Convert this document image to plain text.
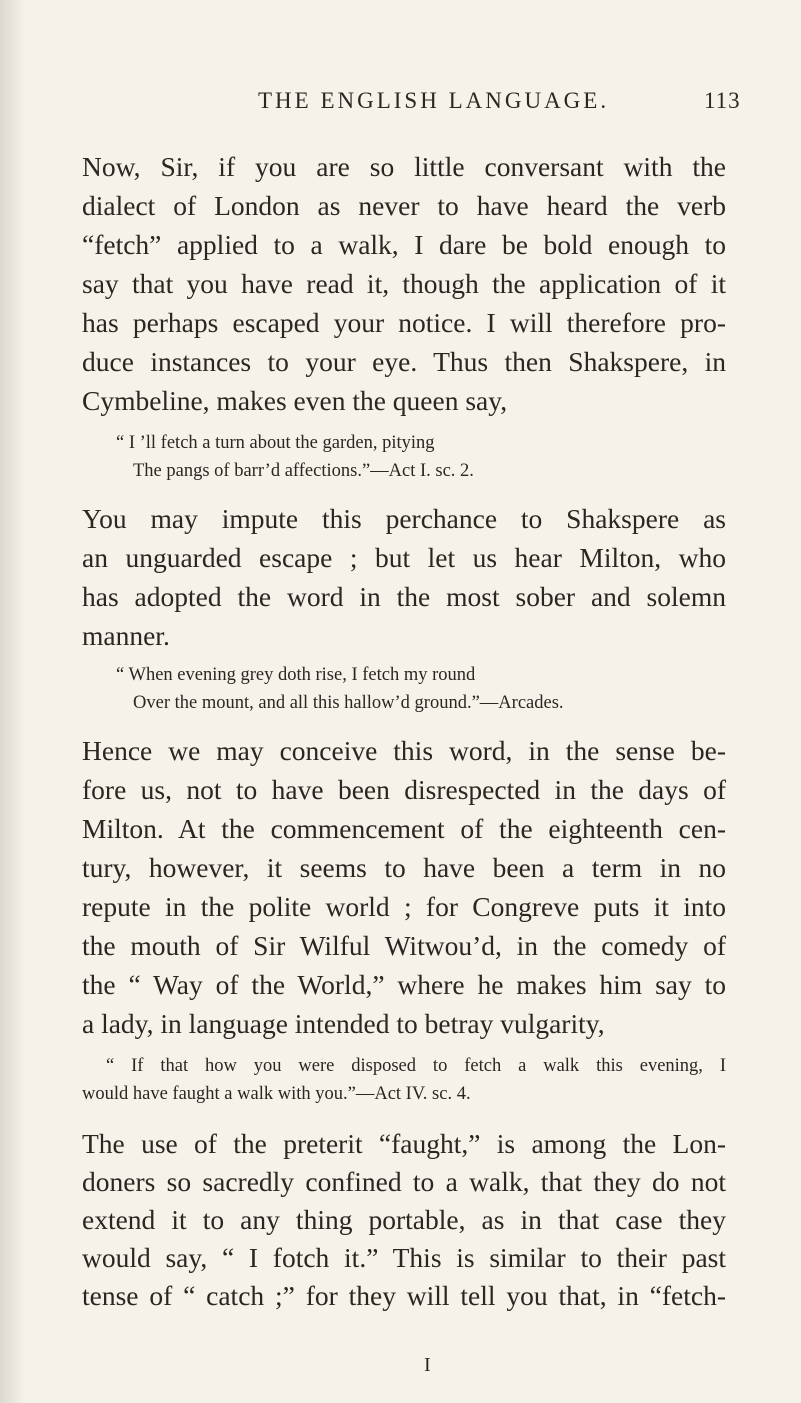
THE ENGLISH LANGUAGE.	113
Now, Sir, if you are so little conversant with the
dialect of London as never to have heard the verb
“fetch” applied to a walk, I dare be bold enough to
say that you have read it, though the application of it
has perhaps escaped your notice. I will therefore pro-
duce instances to your eye. Thus then Shakspere, in
Cymbeline, makes even the queen say,
“ I ’ll fetch a turn about the garden, pitying
The pangs of barr’d affections.”—Act I. sc. 2.
You may impute this perchance to Shakspere as
an unguarded escape ; but let us hear Milton, who
has adopted the word in the most sober and solemn
manner.
“ When evening grey doth rise, I fetch my round
Over the mount, and all this hallow’d ground.”—Arcades.
Hence we may conceive this word, in the sense be-
fore us, not to have been disrespected in the days of
Milton. At the commencement of the eighteenth cen-
tury, however, it seems to have been a term in no
repute in the polite world ; for Congreve puts it into
the mouth of Sir Wilful Witwou’d, in the comedy of
the “ Way of the World,” where he makes him say to
a lady, in language intended to betray vulgarity,
“ If that how you were disposed to fetch a walk this evening, I
would have faught a walk with you.”—Act IV. sc. 4.
The use of the preterit “faught,” is among the Lon-
doners so sacredly confined to a walk, that they do not
extend it to any thing portable, as in that case they
would say, “ I fotch it.” This is similar to their past
tense of “ catch ;” for they will tell you that, in “fetch-
I
